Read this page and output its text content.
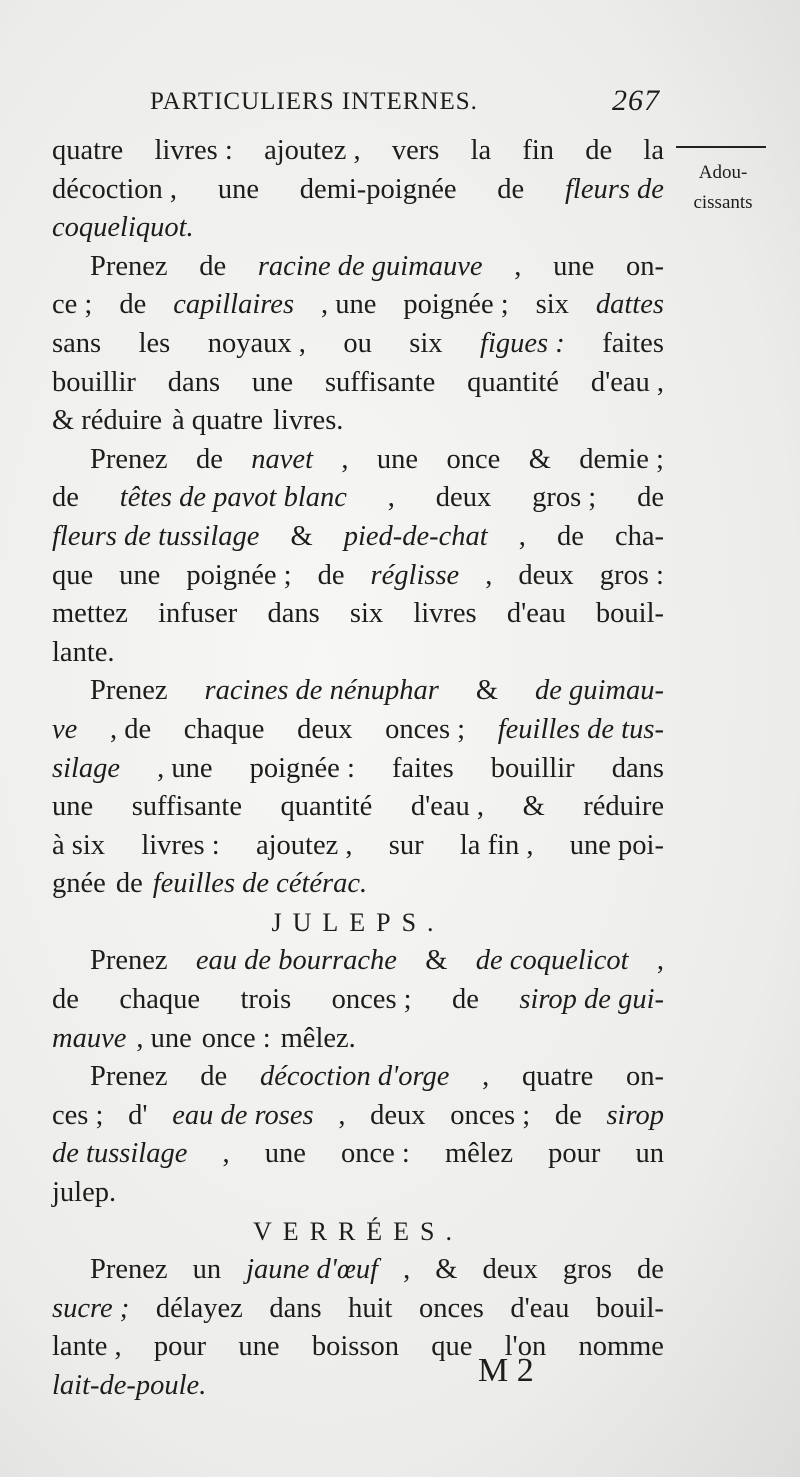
PARTICULIERS INTERNES.	267
Adou-
cissants
quatre livres : ajoutez , vers la fin de la
décoction , une demi-poignée de fleurs de
coqueliquot.
Prenez de racine de guimauve , une on-
ce ; de capillaires , une poignée ; six dattes
sans les noyaux , ou six figues : faites
bouillir dans une suffisante quantité d'eau ,
& réduire à quatre livres.
Prenez de navet , une once & demie ;
de têtes de pavot blanc , deux gros ; de
fleurs de tussilage & pied-de-chat , de cha-
que une poignée ; de réglisse , deux gros :
mettez infuser dans six livres d'eau bouil-
lante.
Prenez racines de nénuphar & de guimau-
ve , de chaque deux onces ; feuilles de tus-
silage , une poignée : faites bouillir dans
une suffisante quantité d'eau , & réduire
à six livres : ajoutez , sur la fin , une poi-
gnée de feuilles de cétérac.
JULEPS.
Prenez eau de bourrache & de coquelicot ,
de chaque trois onces ; de sirop de gui-
mauve , une once : mêlez.
Prenez de décoction d'orge , quatre on-
ces ; d' eau de roses , deux onces ; de sirop
de tussilage , une once : mêlez pour un
julep.
VERRÉES.
Prenez un jaune d'œuf , & deux gros de
sucre ; délayez dans huit onces d'eau bouil-
lante , pour une boisson que l'on nomme
lait-de-poule.	M 2
